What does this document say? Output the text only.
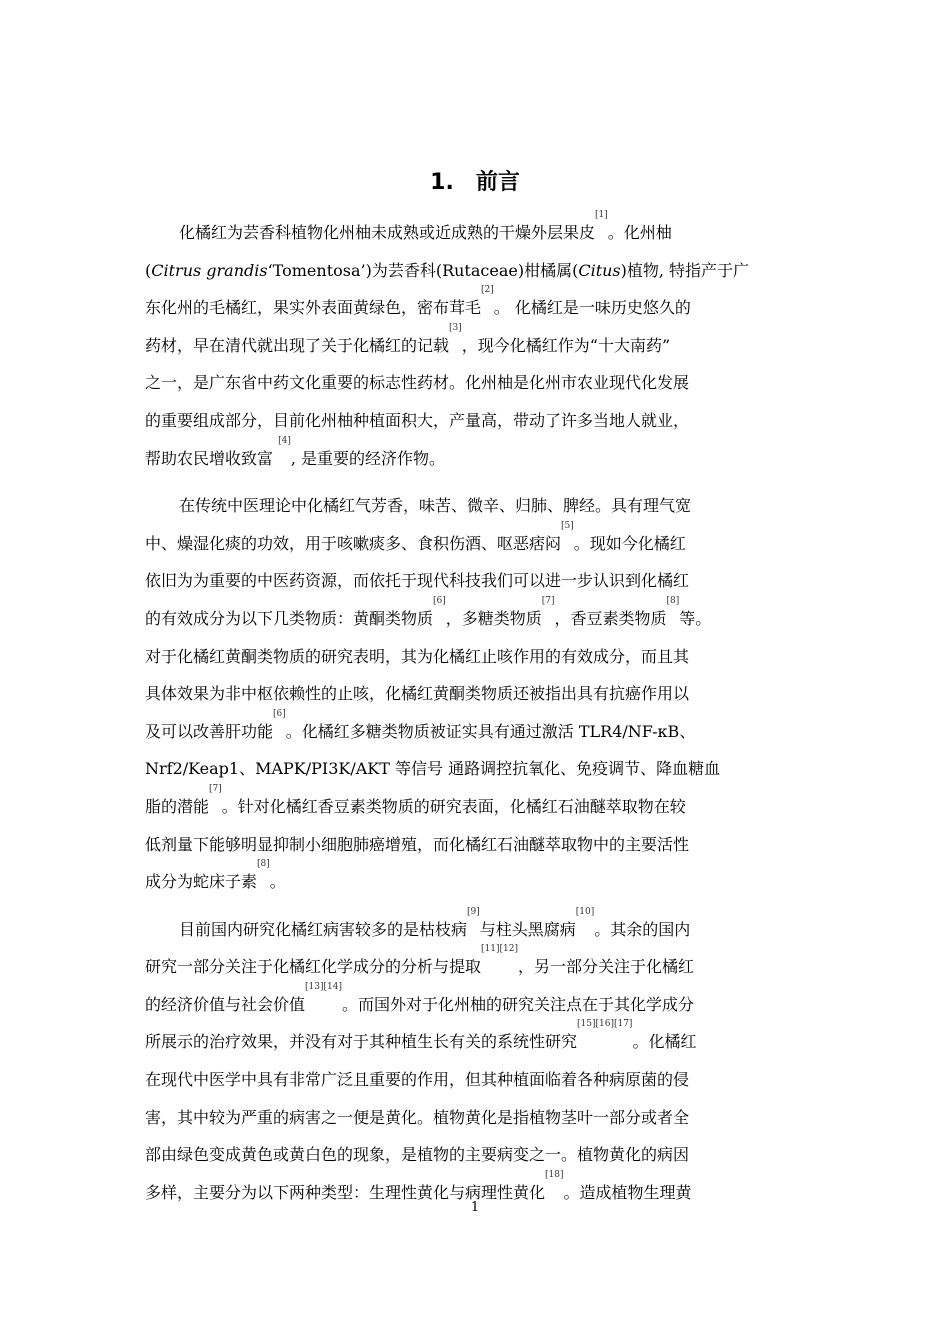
1. 前言
化橘红为芸香科植物化州柚未成熟或近成熟的干燥外层果皮[1]。化州柚
(Citrus grandis‘Tomentosa’)为芸香科(Rutaceae)柑橘属(Citus)植物, 特指产于广
东化州的毛橘红，果实外表面黄绿色，密布茸毛[2]。 化橘红是一味历史悠久的
药材，早在清代就出现了关于化橘红的记载[3]，现今化橘红作为“十大南药”
之一，是广东省中药文化重要的标志性药材。化州柚是化州市农业现代化发展
的重要组成部分，目前化州柚种植面积大，产量高，带动了许多当地人就业，
帮助农民增收致富 [4], 是重要的经济作物。
在传统中医理论中化橘红气芳香，味苦、微辛、归肺、脾经。具有理气宽
中、燥湿化痰的功效，用于咳嗽痰多、食积伤酒、呕恶痞闷[5]。现如今化橘红
依旧为为重要的中医药资源，而依托于现代科技我们可以进一步认识到化橘红
的有效成分为以下几类物质：黄酮类物质[6]，多糖类物质[7]，香豆素类物质[8]等。
对于化橘红黄酮类物质的研究表明，其为化橘红止咳作用的有效成分，而且其
具体效果为非中枢依赖性的止咳，化橘红黄酮类物质还被指出具有抗癌作用以
及可以改善肝功能[6]。化橘红多糖类物质被证实具有通过激活 TLR4/NF-κB、
Nrf2/Keap1、MAPK/PI3K/AKT 等信号 通路调控抗氧化、免疫调节、降血糖血
脂的潜能[7]。针对化橘红香豆素类物质的研究表面，化橘红石油醚萃取物在较
低剂量下能够明显抑制小细胞肺癌增殖，而化橘红石油醚萃取物中的主要活性
成分为蛇床子素[8]。
目前国内研究化橘红病害较多的是枯枝病[9]与柱头黑腐病[10]。其余的国内
研究一部分关注于化橘红化学成分的分析与提取[11][12]，另一部分关注于化橘红
的经济价值与社会价值[13][14]。而国外对于化州柚的研究关注点在于其化学成分
所展示的治疗效果，并没有对于其种植生长有关的系统性研究[15][16][17]。化橘红
在现代中医学中具有非常广泛且重要的作用，但其种植面临着各种病原菌的侵
害，其中较为严重的病害之一便是黄化。植物黄化是指植物茎叶一部分或者全
部由绿色变成黄色或黄白色的现象，是植物的主要病变之一。植物黄化的病因
多样，主要分为以下两种类型：生理性黄化与病理性黄化[18]。造成植物生理黄
1
